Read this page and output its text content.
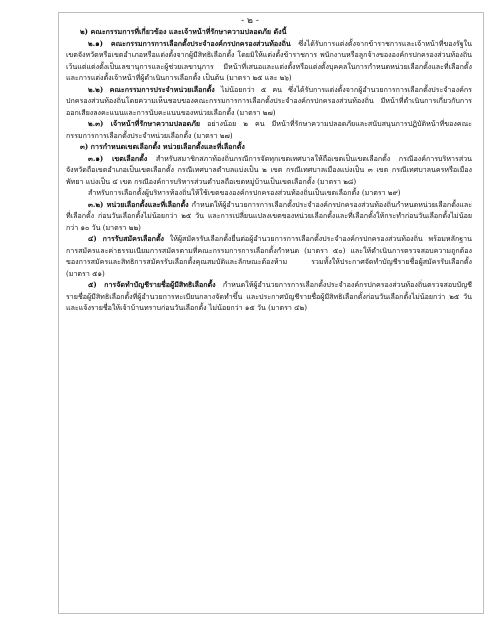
- ๒ -

๒) คณะกรรมการที่เกี่ยวข้อง และเจ้าหน้าที่รักษาความปลอดภัย ดังนี้

๒.๑) คณะกรรมการการเลือกตั้งประจำองค์กรปกครองส่วนท้องถิ่น ซึ่งได้รับการแต่งตั้งจากข้าราชการและเจ้าหน้าที่ของรัฐในเขตจังหวัดหรือเขตอำเภอหรือแต่งตั้งจากผู้มีสิทธิเลือกตั้ง โดยมิให้แต่งตั้งข้าราชการ พนักงานหรือลูกจ้างขององค์กรปกครองส่วนท้องถิ่น เว้นแต่แต่งตั้งเป็นเลขานุการและผู้ช่วยเลขานุการ มีหน้าที่เสนอและแต่งตั้งหรือแต่งตั้งบุคคลในการกำหนดหน่วยเลือกตั้งและที่เลือกตั้ง และการแต่งตั้งเจ้าหน้าที่ผู้ดำเนินการเลือกตั้ง เป็นต้น (มาตรา ๒๕ และ ๒๖)

๒.๒) คณะกรรมการประจำหน่วยเลือกตั้ง ไม่น้อยกว่า ๕ คน ซึ่งได้รับการแต่งตั้งจากผู้อำนวยการการเลือกตั้งประจำองค์กรปกครองส่วนท้องถิ่นโดยความเห็นชอบของคณะกรรมการการเลือกตั้งประจำองค์กรปกครองส่วนท้องถิ่น มีหน้าที่ดำเนินการเกี่ยวกับการออกเสียงลงคะแนนและการนับคะแนนของหน่วยเลือกตั้ง (มาตรา ๒๗)

๒.๓) เจ้าหน้าที่รักษาความปลอดภัย อย่างน้อย ๒ คน มีหน้าที่รักษาความปลอดภัยและสนับสนุนการปฏิบัติหน้าที่ของคณะกรรมการการเลือกตั้งประจำหน่วยเลือกตั้ง (มาตรา ๒๗)

๓) การกำหนดเขตเลือกตั้ง หน่วยเลือกตั้งและที่เลือกตั้ง

๓.๑) เขตเลือกตั้ง สำหรับสมาชิกสภาท้องถิ่นกรณีการจัดทุกเขตเทศบาลให้ถือเขตเป็นเขตเลือกตั้ง กรณีองค์การบริหารส่วนจังหวัดถือเขตอำเภอเป็นเขตเลือกตั้ง กรณีเทศบาลตำบลแบ่งเป็น ๒ เขต กรณีเทศบาลเมืองแบ่งเป็น ๓ เขต กรณีเทศบาลนครหรือเมืองพัทยา แบ่งเป็น ๔ เขต กรณีองค์การบริหารส่วนตำบลถือเขตหมู่บ้านเป็นเขตเลือกตั้ง (มาตรา ๒๘)

สำหรับการเลือกตั้งผู้บริหารท้องถิ่นให้ใช้เขตขององค์กรปกครองส่วนท้องถิ่นเป็นเขตเลือกตั้ง (มาตรา ๒๙)

๓.๒) หน่วยเลือกตั้งและที่เลือกตั้ง กำหนดให้ผู้อำนวยการการเลือกตั้งประจำองค์กรปกครองส่วนท้องถิ่นกำหนดหน่วยเลือกตั้งและที่เลือกตั้ง ก่อนวันเลือกตั้งไม่น้อยกว่า ๒๕ วัน และการเปลี่ยนแปลงเขตของหน่วยเลือกตั้งและที่เลือกตั้งให้กระทำก่อนวันเลือกตั้งไม่น้อยกว่า ๑๐ วัน (มาตรา ๒๒)

๔) การรับสมัครเลือกตั้ง ให้ผู้สมัครรับเลือกตั้งยื่นต่อผู้อำนวยการการเลือกตั้งประจำองค์กรปกครองส่วนท้องถิ่น พร้อมหลักฐานการสมัครและค่าธรรมเนียมการสมัครตามที่คณะกรรมการการเลือกตั้งกำหนด (มาตรา ๕๐) และให้ดำเนินการตรวจสอบความถูกต้องของการสมัครและสิทธิการสมัครรับเลือกตั้งคุณสมบัติและลักษณะต้องห้าม รวมทั้งให้ประกาศจัดทำบัญชีรายชื่อผู้สมัครรับเลือกตั้ง (มาตรา ๕๑)

๕) การจัดทำบัญชีรายชื่อผู้มีสิทธิเลือกตั้ง กำหนดให้ผู้อำนวยการการเลือกตั้งประจำองค์กรปกครองส่วนท้องถิ่นตรวจสอบบัญชีรายชื่อผู้มีสิทธิเลือกตั้งที่ผู้อำนวยการทะเบียนกลางจัดทำขึ้น และประกาศบัญชีรายชื่อผู้มีสิทธิเลือกตั้งก่อนวันเลือกตั้งไม่น้อยกว่า ๒๕ วัน และแจ้งรายชื่อให้เจ้าบ้านทราบก่อนวันเลือกตั้ง ไม่น้อยกว่า ๑๕ วัน (มาตรา ๔๒)
